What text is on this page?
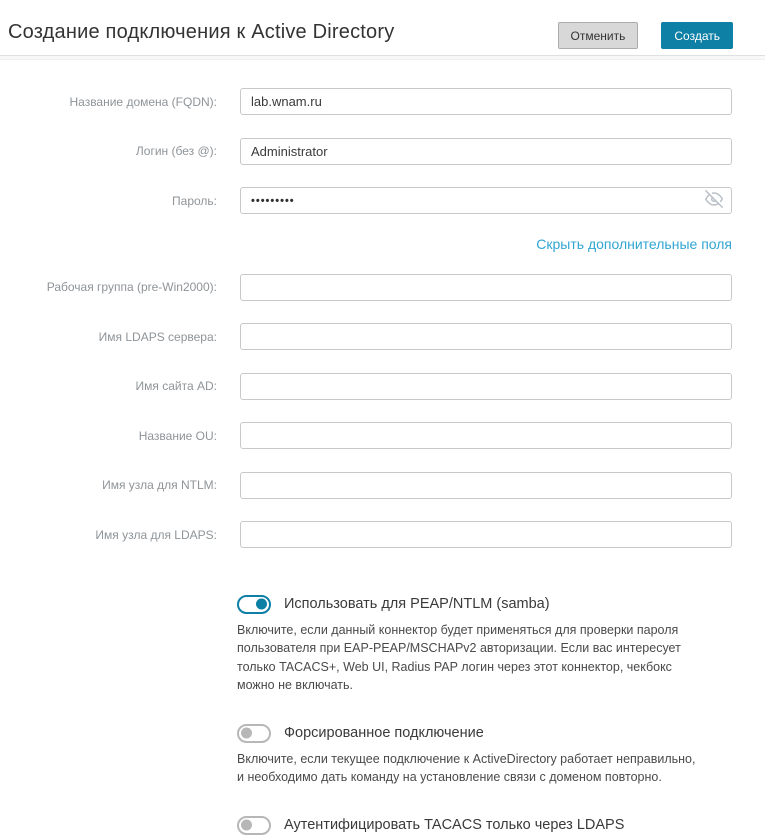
Создание подключения к Active Directory	Отменить	Создать
Название домена (FQDN):
lab.wnam.ru
Логин (без @):
Administrator
Пароль:
•••••••••
Скрыть дополнительные поля
Рабочая группа (pre-Win2000):
Имя LDAPS сервера:
Имя сайта AD:
Название OU:
Имя узла для NTLM:
Имя узла для LDAPS:
Использовать для PEAP/NTLM (samba)

Включите, если данный коннектор будет применяться для проверки пароля пользователя при EAP-PEAP/MSCHAPv2 авторизации. Если вас интересует только TACACS+, Web UI, Radius PAP логин через этот коннектор, чекбокс можно не включать.

Форсированное подключение

Включите, если текущее подключение к ActiveDirectory работает неправильно, и необходимо дать команду на установление связи с доменом повторно.

Аутентифицировать TACACS только через LDAPS
